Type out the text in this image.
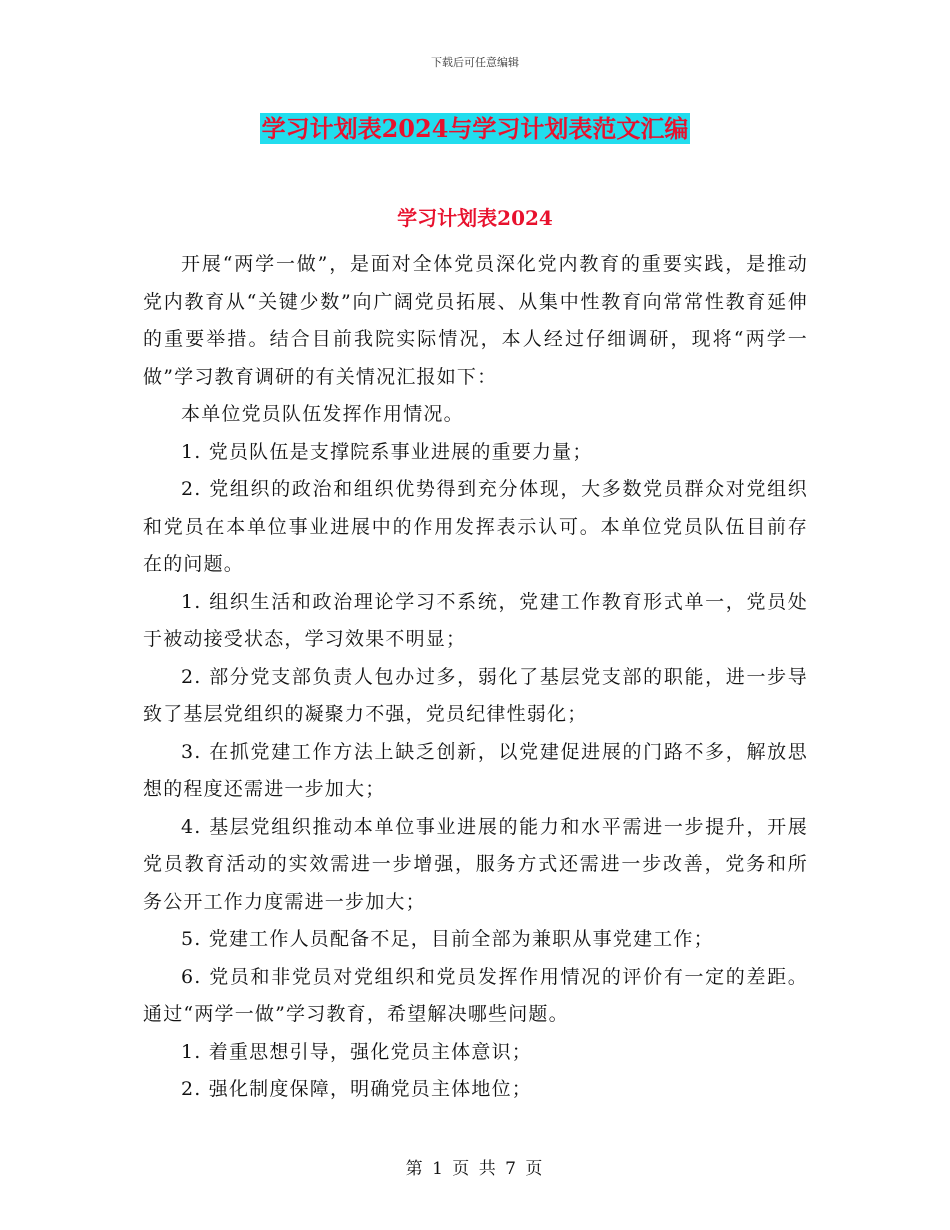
下载后可任意编辑
学习计划表2024与学习计划表范文汇编
学习计划表2024

开展“两学一做”，是面对全体党员深化党内教育的重要实践，是推动党内教育从“关键少数”向广阔党员拓展、从集中性教育向常常性教育延伸的重要举措。结合目前我院实际情况，本人经过仔细调研，现将“两学一做”学习教育调研的有关情况汇报如下：

本单位党员队伍发挥作用情况。

1. 党员队伍是支撑院系事业进展的重要力量；

2. 党组织的政治和组织优势得到充分体现，大多数党员群众对党组织和党员在本单位事业进展中的作用发挥表示认可。本单位党员队伍目前存在的问题。

1. 组织生活和政治理论学习不系统，党建工作教育形式单一，党员处于被动接受状态，学习效果不明显；

2. 部分党支部负责人包办过多，弱化了基层党支部的职能，进一步导致了基层党组织的凝聚力不强，党员纪律性弱化；

3. 在抓党建工作方法上缺乏创新，以党建促进展的门路不多，解放思想的程度还需进一步加大；

4. 基层党组织推动本单位事业进展的能力和水平需进一步提升，开展党员教育活动的实效需进一步增强，服务方式还需进一步改善，党务和所务公开工作力度需进一步加大；

5. 党建工作人员配备不足，目前全部为兼职从事党建工作；

6. 党员和非党员对党组织和党员发挥作用情况的评价有一定的差距。 通过“两学一做”学习教育，希望解决哪些问题。

1. 着重思想引导，强化党员主体意识；

2. 强化制度保障，明确党员主体地位；

第 1 页 共 7 页
